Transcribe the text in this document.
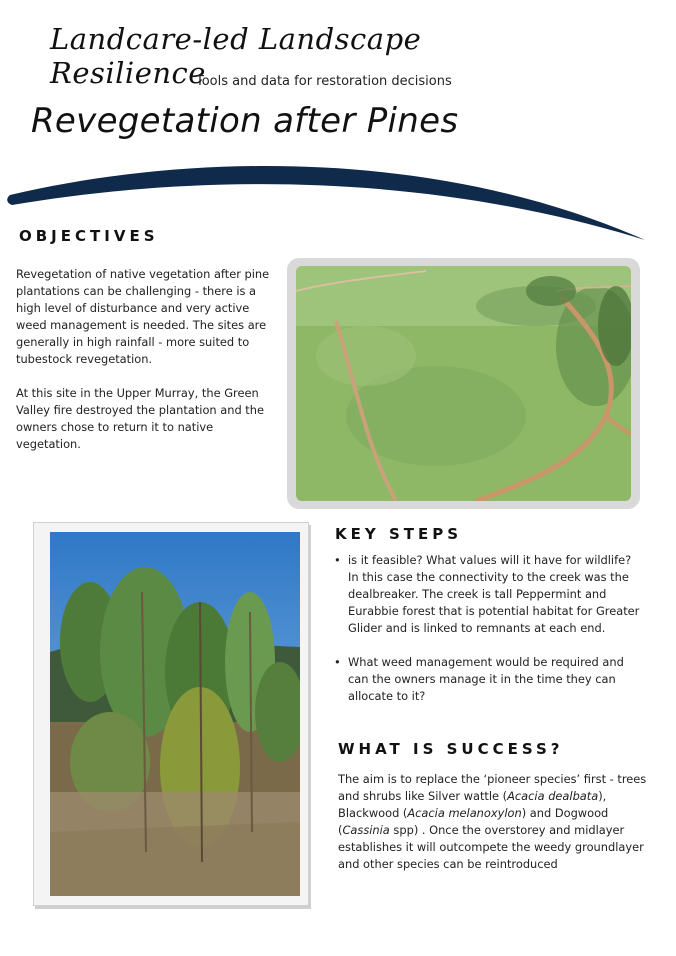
Landcare-led Landscape Resilience
Tools and data for restoration decisions
Revegetation after Pines
OBJECTIVES

Revegetation of native vegetation after pine plantations can be challenging - there is a high level of disturbance and very active weed management is needed. The sites are generally in high rainfall - more suited to tubestock revegetation.

At this site in the Upper Murray, the Green Valley fire destroyed the plantation and the owners chose to return it to native vegetation.

KEY STEPS
• is it feasible? What values will it have for wildlife? In this case the connectivity to the creek was the dealbreaker. The creek is tall Peppermint and Eurabbie forest that is potential habitat for Greater Glider and is linked to remnants at each end.
• What weed management would be required and can the owners manage it in the time they can allocate to it?
WHAT IS SUCCESS?

The aim is to replace the ‘pioneer species’ first - trees and shrubs like Silver wattle (Acacia dealbata), Blackwood (Acacia melanoxylon) and Dogwood (Cassinia spp) . Once the overstorey and midlayer establishes it will outcompete the weedy groundlayer and other species can be reintroduced
